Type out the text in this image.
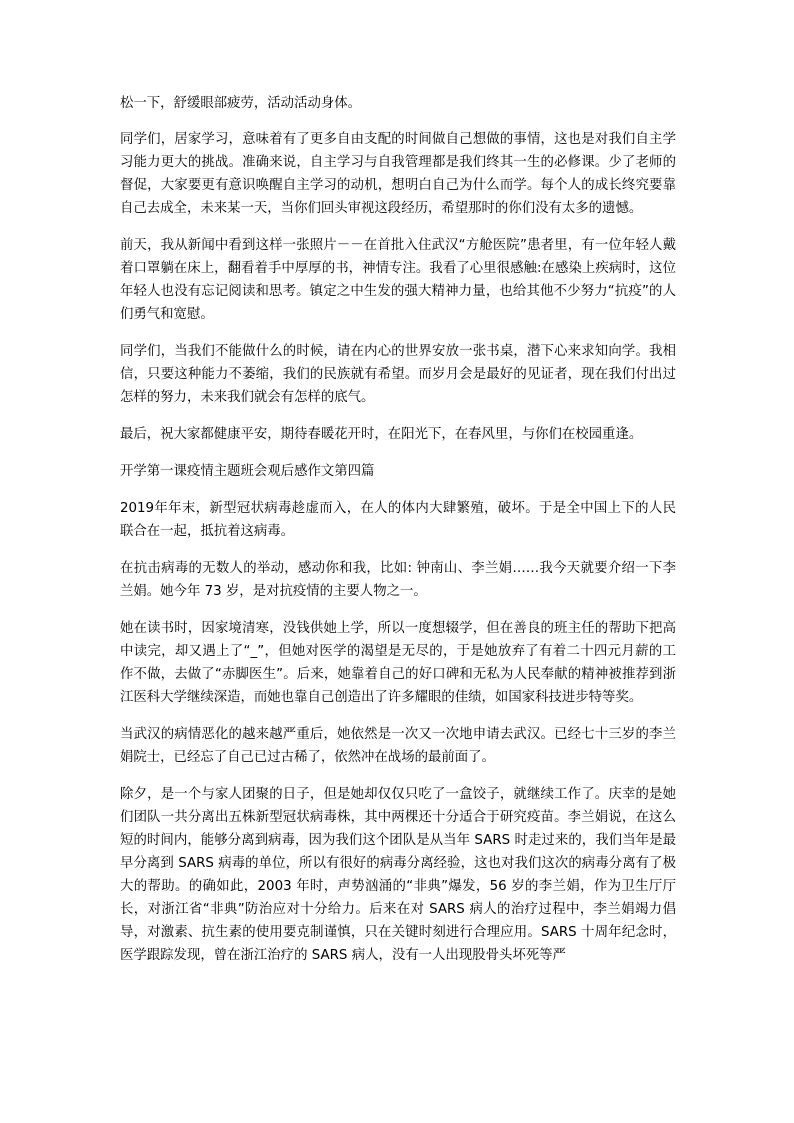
松一下，舒缓眼部疲劳，活动活动身体。

同学们，居家学习，意味着有了更多自由支配的时间做自己想做的事情，这也是对我们自主学习能力更大的挑战。准确来说，自主学习与自我管理都是我们终其一生的必修课。少了老师的督促，大家要更有意识唤醒自主学习的动机，想明白自己为什么而学。每个人的成长终究要靠自己去成全，未来某一天，当你们回头审视这段经历，希望那时的你们没有太多的遗憾。

前天，我从新闻中看到这样一张照片－－在首批入住武汉“方舱医院”患者里，有一位年轻人戴着口罩躺在床上，翻看着手中厚厚的书，神情专注。我看了心里很感触:在感染上疾病时，这位年轻人也没有忘记阅读和思考。镇定之中生发的强大精神力量，也给其他不少努力“抗疫”的人们勇气和宽慰。

同学们，当我们不能做什么的时候，请在内心的世界安放一张书桌，潜下心来求知向学。我相信，只要这种能力不萎缩，我们的民族就有希望。而岁月会是最好的见证者，现在我们付出过怎样的努力，未来我们就会有怎样的底气。

最后，祝大家都健康平安，期待春暖花开时，在阳光下，在春风里，与你们在校园重逢。

开学第一课疫情主题班会观后感作文第四篇

2019年年末，新型冠状病毒趁虚而入，在人的体内大肆繁殖，破坏。于是全中国上下的人民联合在一起，抵抗着这病毒。

在抗击病毒的无数人的举动，感动你和我，比如: 钟南山、李兰娟……我今天就要介绍一下李兰娟。她今年 73 岁，是对抗疫情的主要人物之一。

她在读书时，因家境清寒，没钱供她上学，所以一度想辍学，但在善良的班主任的帮助下把高中读完，却又遇上了“_”，但她对医学的渴望是无尽的，于是她放弃了有着二十四元月薪的工作不做，去做了“赤脚医生”。后来，她靠着自己的好口碑和无私为人民奉献的精神被推荐到浙江医科大学继续深造，而她也靠自己创造出了许多耀眼的佳绩，如国家科技进步特等奖。

当武汉的病情恶化的越来越严重后，她依然是一次又一次地申请去武汉。已经七十三岁的李兰娟院士，已经忘了自己已过古稀了，依然冲在战场的最前面了。

除夕，是一个与家人团聚的日子，但是她却仅仅只吃了一盒饺子，就继续工作了。庆幸的是她们团队一共分离出五株新型冠状病毒株，其中两棵还十分适合于研究疫苗。李兰娟说，在这么短的时间内，能够分离到病毒，因为我们这个团队是从当年 SARS 时走过来的，我们当年是最早分离到 SARS 病毒的单位，所以有很好的病毒分离经验，这也对我们这次的病毒分离有了极大的帮助。的确如此，2003 年时，声势汹涌的“非典”爆发，56 岁的李兰娟，作为卫生厅厅长，对浙江省“非典”防治应对十分给力。后来在对 SARS 病人的治疗过程中，李兰娟竭力倡导，对激素、抗生素的使用要克制谨慎，只在关键时刻进行合理应用。SARS 十周年纪念时，医学跟踪发现，曾在浙江治疗的 SARS 病人，没有一人出现股骨头坏死等严
